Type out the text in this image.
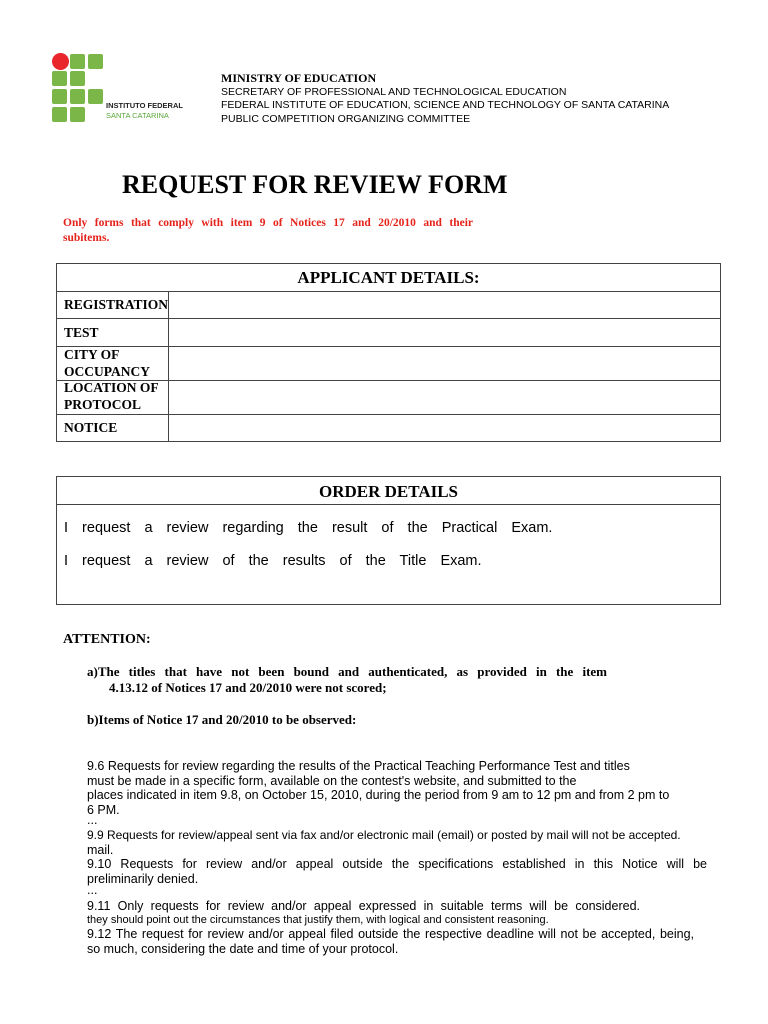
INSTITUTO FEDERAL
SANTA CATARINA
MINISTRY OF EDUCATION
SECRETARY OF PROFESSIONAL AND TECHNOLOGICAL EDUCATION
FEDERAL INSTITUTE OF EDUCATION, SCIENCE AND TECHNOLOGY OF SANTA CATARINA
PUBLIC COMPETITION ORGANIZING COMMITTEE
REQUEST FOR REVIEW FORM
Only forms that comply with item 9 of Notices 17 and 20/2010 and their
subitems.
APPLICANT DETAILS:
REGISTRATION
TEST
CITY OF
OCCUPANCY
LOCATION OF
PROTOCOL
NOTICE
ORDER DETAILS
I request a review regarding the result of the Practical Exam.
I request a review of the results of the Title Exam.
ATTENTION:
a)The titles that have not been bound and authenticated, as provided in the item
4.13.12 of Notices 17 and 20/2010 were not scored;
b)Items of Notice 17 and 20/2010 to be observed:
9.6 Requests for review regarding the results of the Practical Teaching Performance Test and titles
must be made in a specific form, available on the contest's website, and submitted to the
places indicated in item 9.8, on October 15, 2010, during the period from 9 am to 12 pm and from 2 pm to
6 PM.
...
9.9 Requests for review/appeal sent via fax and/or electronic mail (email) or posted by mail will not be accepted.
mail.
9.10 Requests for review and/or appeal outside the specifications established in this Notice will be
preliminarily denied.
...
9.11 Only requests for review and/or appeal expressed in suitable terms will be considered.
they should point out the circumstances that justify them, with logical and consistent reasoning.
9.12 The request for review and/or appeal filed outside the respective deadline will not be accepted, being,
so much, considering the date and time of your protocol.
